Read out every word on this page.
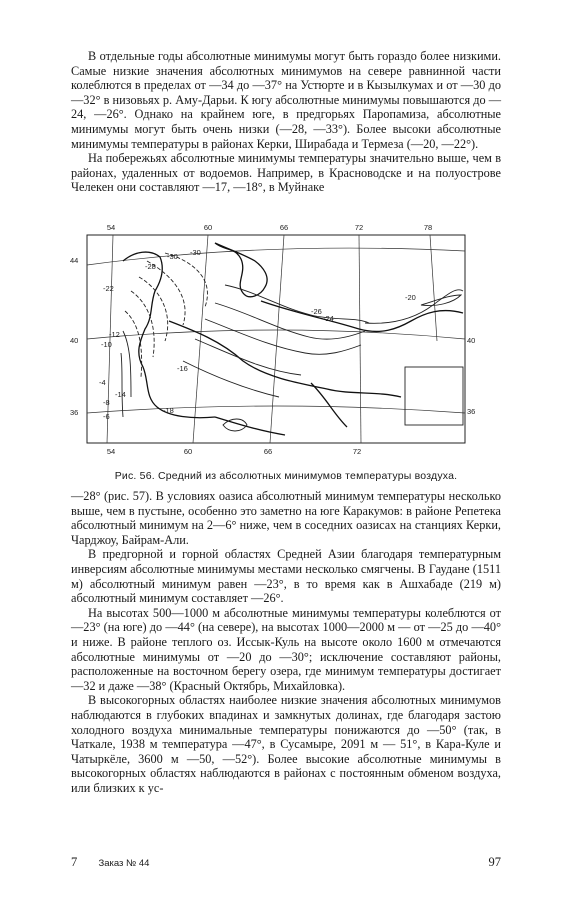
В отдельные годы абсолютные минимумы могут быть гораздо более низкими. Самые низкие значения абсолютных минимумов на севере равнинной части колеблются в пределах от —34 до —37° на Устюрте и в Кызылкумах и от —30 до —32° в низовьях р. Аму-Дарьи. К югу абсолютные минимумы повышаются до —24, —26°. Однако на крайнем юге, в предгорьях Паропамиза, абсолютные минимумы могут быть очень низки (—28, —33°). Более высоки абсолютные минимумы температуры в районах Керки, Ширабада и Термеза (—20, —22°).

На побережьях абсолютные минимумы температуры значительно выше, чем в районах, удаленных от водоемов. Например, в Красноводске и на полуострове Челекен они составляют —17, —18°, в Муйнаке

54	60	66	72	78
54	60	66	72
44
40
36
40
36
-30 -30
-28
-26
-24
-22
-20
-18
-16
-14
-12
-10
-8
-6
-4
Рис. 56. Средний из абсолютных минимумов температуры воздуха.

—28° (рис. 57). В условиях оазиса абсолютный минимум температуры несколько выше, чем в пустыне, особенно это заметно на юге Каракумов: в районе Репетека абсолютный минимум на 2—6° ниже, чем в соседних оазисах на станциях Керки, Чарджоу, Байрам-Али.

В предгорной и горной областях Средней Азии благодаря температурным инверсиям абсолютные минимумы местами несколько смягчены. В Гаудане (1511 м) абсолютный минимум равен —23°, в то время как в Ашхабаде (219 м) абсолютный минимум составляет —26°.

На высотах 500—1000 м абсолютные минимумы температуры колеблются от —23° (на юге) до —44° (на севере), на высотах 1000—2000 м — от —25 до —40° и ниже. В районе теплого оз. Иссык-Куль на высоте около 1600 м отмечаются абсолютные минимумы от —20 до —30°; исключение составляют районы, расположенные на восточном берегу озера, где минимум температуры достигает —32 и даже —38° (Красный Октябрь, Михайловка).

В высокогорных областях наиболее низкие значения абсолютных минимумов наблюдаются в глубоких впадинах и замкнутых долинах, где благодаря застою холодного воздуха минимальные температуры понижаются до —50° (так, в Чаткале, 1938 м температура —47°, в Сусамыре, 2091 м — 51°, в Кара-Куле и Чатыркёле, 3600 м —50, —52°). Более высокие абсолютные минимумы в высокогорных областях наблюдаются в районах с постоянным обменом воздуха, или близких к ус-

7 Заказ № 44	97
